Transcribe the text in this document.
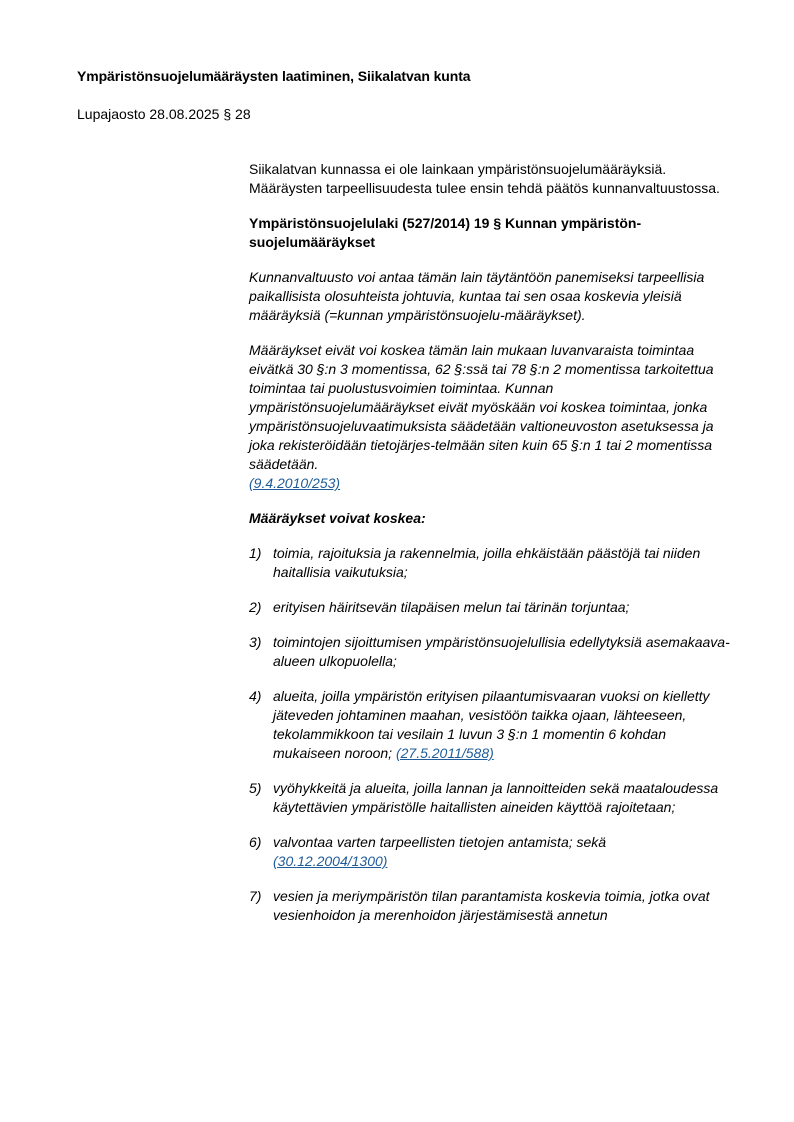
Ympäristönsuojelumääräysten laatiminen, Siikalatvan kunta
Lupajaosto 28.08.2025 § 28

Siikalatvan kunnassa ei ole lainkaan ympäristönsuojelumääräyksiä. Määräysten tarpeellisuudesta tulee ensin tehdä päätös kunnanvaltuustossa.

Ympäristönsuojelulaki (527/2014) 19 § Kunnan ympäristön-suojelumääräykset

Kunnanvaltuusto voi antaa tämän lain täytäntöön panemiseksi tarpeellisia paikallisista olosuhteista johtuvia, kuntaa tai sen osaa koskevia yleisiä määräyksiä (=kunnan ympäristönsuojelu-määräykset).

Määräykset eivät voi koskea tämän lain mukaan luvanvaraista toimintaa eivätkä 30 §:n 3 momentissa, 62 §:ssä tai 78 §:n 2 momentissa tarkoitettua toimintaa tai puolustusvoimien toimintaa. Kunnan ympäristönsuojelumääräykset eivät myöskään voi koskea toimintaa, jonka ympäristönsuojeluvaatimuksista säädetään valtioneuvoston asetuksessa ja joka rekisteröidään tietojärjes-telmään siten kuin 65 §:n 1 tai 2 momentissa säädetään.
(9.4.2010/253)

Määräykset voivat koskea:

1) toimia, rajoituksia ja rakennelmia, joilla ehkäistään päästöjä tai niiden haitallisia vaikutuksia;
2) erityisen häiritsevän tilapäisen melun tai tärinän torjuntaa;
3) toimintojen sijoittumisen ympäristönsuojelullisia edellytyksiä asemakaava-alueen ulkopuolella;
4) alueita, joilla ympäristön erityisen pilaantumisvaaran vuoksi on kielletty jäteveden johtaminen maahan, vesistöön taikka ojaan, lähteeseen, tekolammikkoon tai vesilain 1 luvun 3 §:n 1 momentin 6 kohdan mukaiseen noroon; (27.5.2011/588)
5) vyöhykkeitä ja alueita, joilla lannan ja lannoitteiden sekä maataloudessa käytettävien ympäristölle haitallisten aineiden käyttöä rajoitetaan;
6) valvontaa varten tarpeellisten tietojen antamista; sekä
(30.12.2004/1300)
7) vesien ja meriympäristön tilan parantamista koskevia toimia, jotka ovat vesienhoidon ja merenhoidon järjestämisestä annetun
